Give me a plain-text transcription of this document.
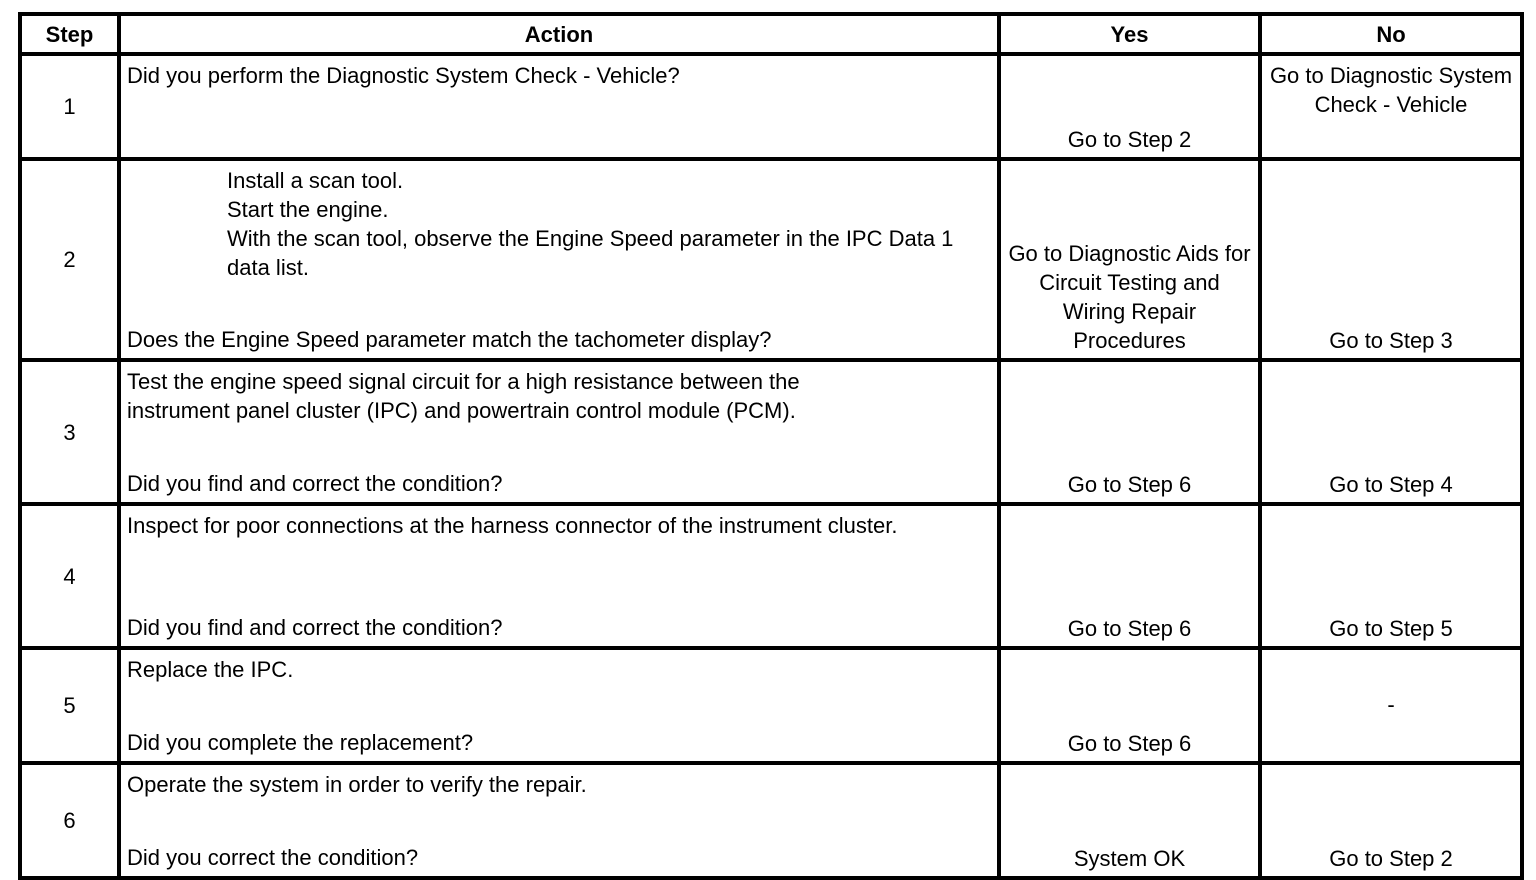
Step	Action	Yes	No
1	Did you perform the Diagnostic System Check - Vehicle?	Go to Step 2	Go to Diagnostic System Check - Vehicle
2	Install a scan tool.
Start the engine.
With the scan tool, observe the Engine Speed parameter in the IPC Data 1 data list.
Does the Engine Speed parameter match the tachometer display?	Go to Diagnostic Aids for Circuit Testing and Wiring Repair Procedures	Go to Step 3
3	Test the engine speed signal circuit for a high resistance between the instrument panel cluster (IPC) and powertrain control module (PCM).
Did you find and correct the condition?	Go to Step 6	Go to Step 4
4	Inspect for poor connections at the harness connector of the instrument cluster.
Did you find and correct the condition?	Go to Step 6	Go to Step 5
5	Replace the IPC.
Did you complete the replacement?	Go to Step 6	-
6	Operate the system in order to verify the repair.
Did you correct the condition?	System OK	Go to Step 2
